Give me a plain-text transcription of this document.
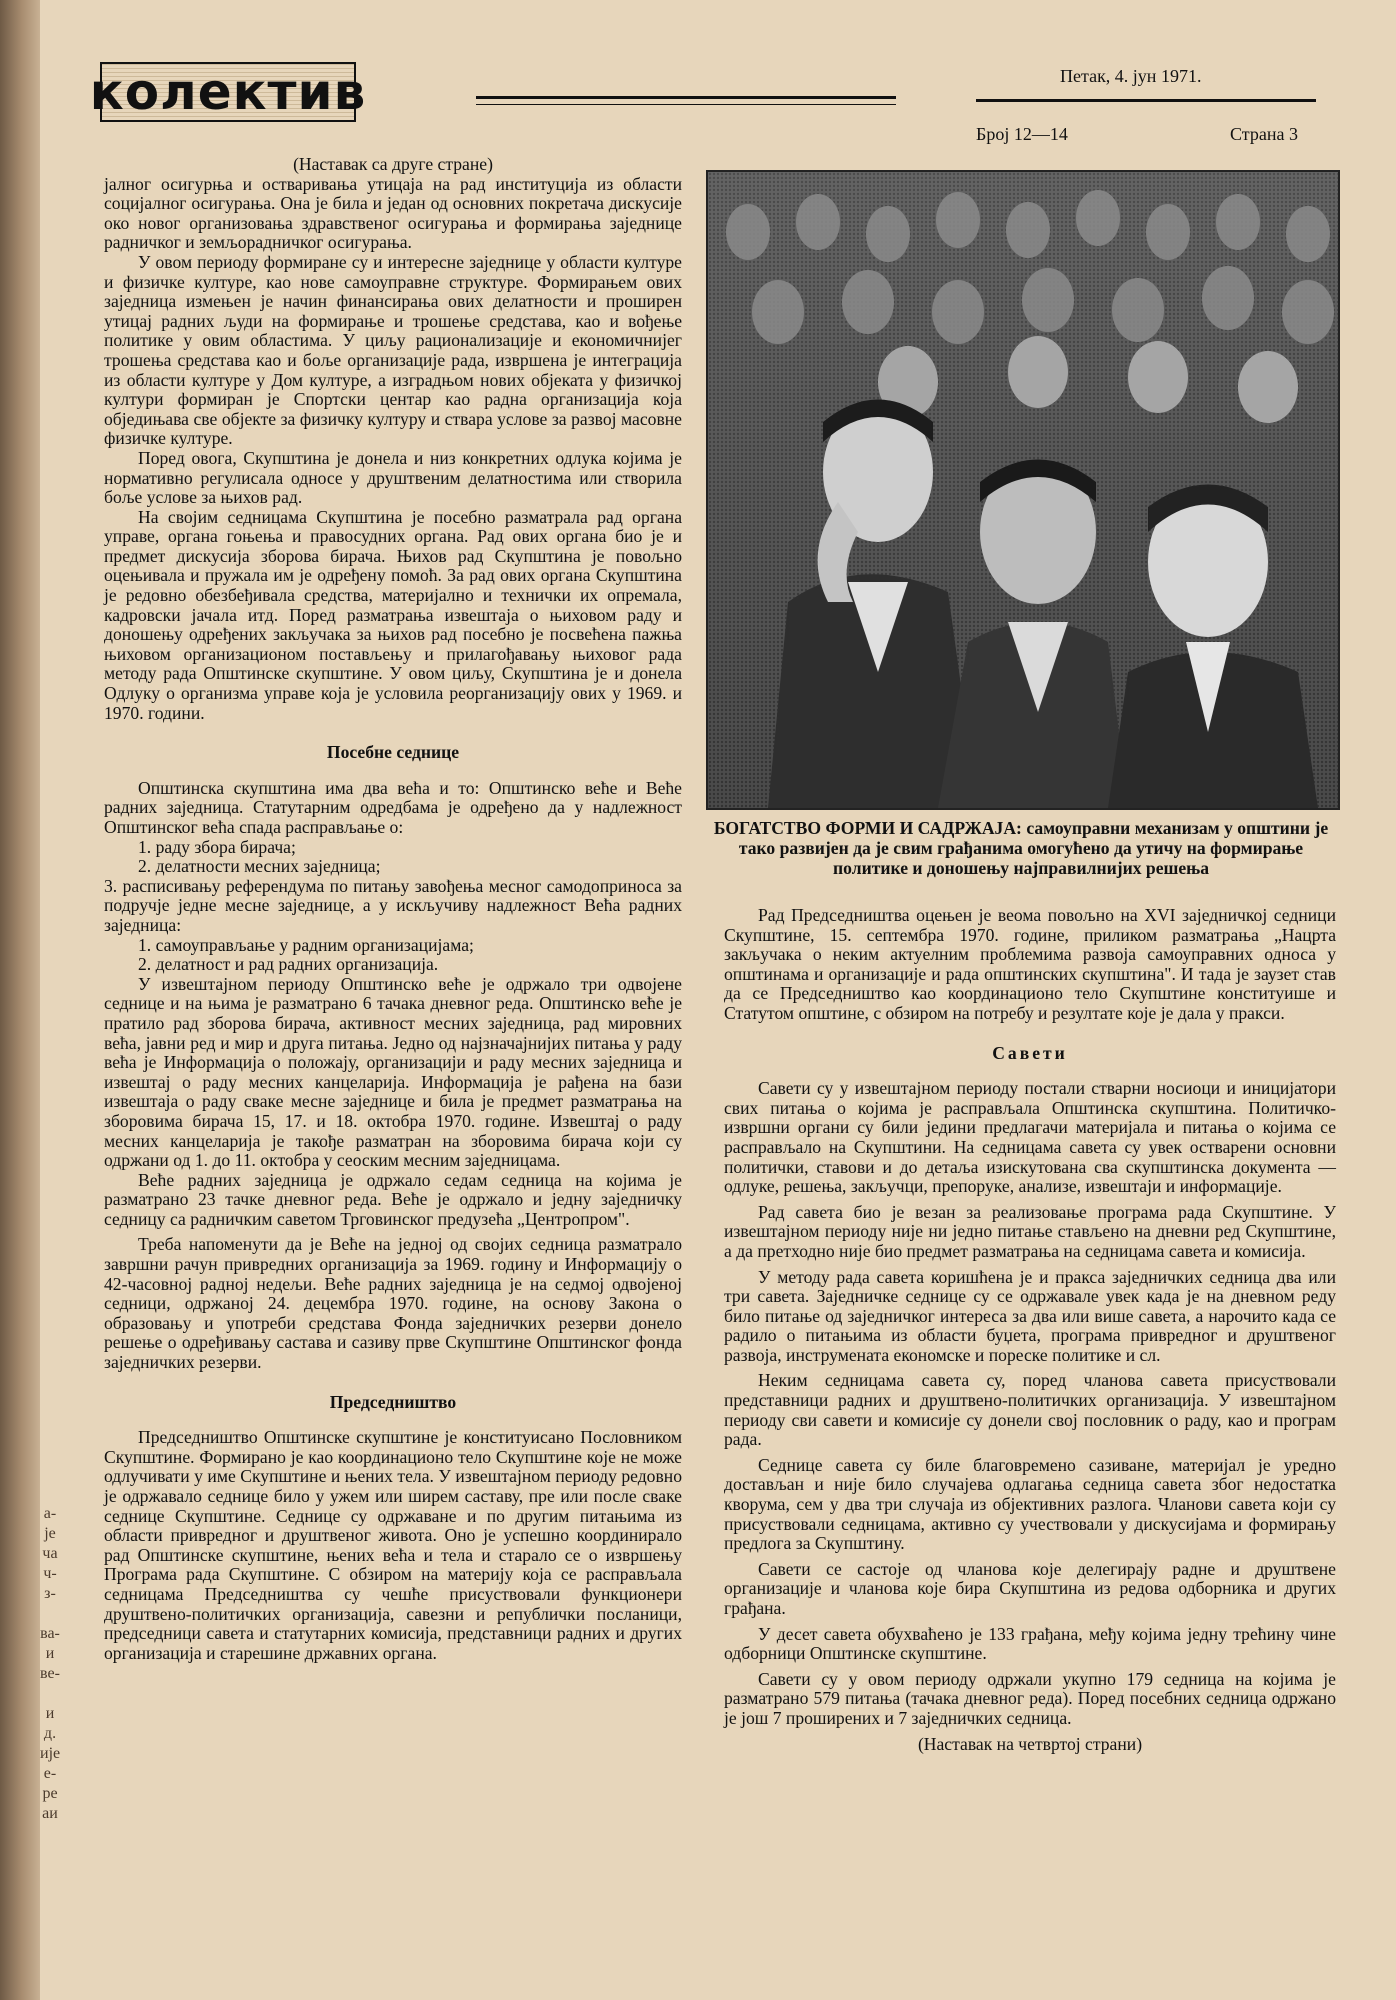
а-
је
ча
ч-
з-
ва-
и
ве-
и
д.
ије
е-
ре
аи
колектив	Петак, 4. јун 1971.
Број 12—14	Страна 3

(Наставак са друге стране)

јалног осигурња и остваривања утицаја на рад институција из области социјалног осигурања. Она је била и један од основних покретача дискусије око новог организовања здравственог осигурања и формирања заједнице радничког и земљорадничког осигурања.

У овом периоду формиране су и интересне заједнице у области културе и физичке културе, као нове самоуправне структуре. Формирањем ових заједница измењен је начин финансирања ових делатности и проширен утицај радних људи на формирање и трошење средстава, као и вођење политике у овим областима. У циљу рационализације и економичнијег трошења средстава као и боље организације рада, извршена је интеграција из области културе у Дом културе, а изградњом нових објеката у физичкој култури формиран је Спортски центар као радна организација која обједињава све објекте за физичку културу и ствара услове за развој масовне физичке културе.

Поред овога, Скупштина је донела и низ конкретних одлука којима је нормативно регулисала односе у друштвеним делатностима или створила боље услове за њихов рад.

На својим седницама Скупштина је посебно разматрала рад органа управе, органа гоњења и правосудних органа. Рад ових органа био је и предмет дискусија зборова бирача. Њихов рад Скупштина је повољно оцењивала и пружала им је одређену помоћ. За рад ових органа Скупштина је редовно обезбеђивала средства, материјално и технички их опремала, кадровски јачала итд. Поред разматрања извештаја о њиховом раду и доношењу одређених закључака за њихов рад посебно је посвећена пажња њиховом организационом постављењу и прилагођавању њиховог рада методу рада Општинске скупштине. У овом циљу, Скупштина је и донела Одлуку о организма управе која је условила реорганизацију ових у 1969. и 1970. години.

Посебне седнице

Општинска скупштина има два већа и то: Општинско веће и Веће радних заједница. Статутарним одредбама је одређено да у надлежност Општинског већа спада расправљање о:

1. раду збора бирача;

2. делатности месних заједница;

3. расписивању референдума по питању завођења месног самодоприноса за подручје једне месне заједнице, а у искључиву надлежност Већа радних заједница:

1. самоуправљање у радним организацијама;

2. делатност и рад радних организација.

У извештајном периоду Општинско веће је одржало три одвојене седнице и на њима је разматрано 6 тачака дневног реда. Општинско веће је пратило рад зборова бирача, активност месних заједница, рад мировних већа, јавни ред и мир и друга питања. Једно од најзначајнијих питања у раду већа је Информација о положају, организацији и раду месних заједница и извештај о раду месних канцеларија. Информација је рађена на бази извештаја о раду сваке месне заједнице и била је предмет разматрања на зборовима бирача 15, 17. и 18. октобра 1970. године. Извештај о раду месних канцеларија је такође разматран на зборовима бирача који су одржани од 1. до 11. октобра у сеоским месним заједницама.

Веће радних заједница је одржало седам седница на којима је разматрано 23 тачке дневног реда. Веће је одржало и једну заједничку седницу са радничким саветом Трговинског предузећа „Центропром".

Треба напоменути да је Веће на једној од својих седница разматрало завршни рачун привредних организација за 1969. годину и Информацију о 42-часовној радној недељи. Веће радних заједница је на седмој одвојеној седници, одржаној 24. децембра 1970. године, на основу Закона о образовању и употреби средстава Фонда заједничких резерви донело решење о одређивању састава и сазиву прве Скупштине Општинског фонда заједничких резерви.

Председништво

Председништво Општинске скупштине је конституисано Пословником Скупштине. Формирано је као координационо тело Скупштине које не може одлучивати у име Скупштине и њених тела. У извештајном периоду редовно је одржавало седнице било у ужем или ширем саставу, пре или после сваке седнице Скупштине. Седнице су одржаване и по другим питањима из области привредног и друштвеног живота. Оно је успешно координирало рад Општинске скупштине, њених већа и тела и старало се о извршењу Програма рада Скупштине. С обзиром на материју која се расправљала седницама Председништва су чешће присуствовали функционери друштвено-политичких организација, савезни и републички посланици, председници савета и статутарних комисија, представници радних и других организација и старешине државних органа.

БОГАТСТВО ФОРМИ И САДРЖАЈА: самоуправни механизам у општини је тако развијен да је свим грађанима омогућено да утичу на формирање политике и доношењу најправилнијих решења

Рад Председништва оцењен је веома повољно на XVI заједничкој седници Скупштине, 15. септембра 1970. године, приликом разматрања „Нацрта закључака о неким актуелним проблемима развоја самоуправних односа у општинама и организације и рада општинских скупштина". И тада је заузет став да се Председништво као координационо тело Скупштине конституише и Статутом општине, с обзиром на потребу и резултате које је дала у пракси.

Савети

Савети су у извештајном периоду постали стварни носиоци и иницијатори свих питања о којима је расправљала Општинска скупштина. Политичко-извршни органи су били једини предлагачи материјала и питања о којима се расправљало на Скупштини. На седницама савета су увек остварени основни политички, ставови и до детаља изискутована сва скупштинска документа — одлуке, решења, закључци, препоруке, анализе, извештаји и информације.

Рад савета био је везан за реализовање програма рада Скупштине. У извештајном периоду није ни једно питање стављено на дневни ред Скупштине, а да претходно није био предмет разматрања на седницама савета и комисија.

У методу рада савета коришћена је и пракса заједничких седница два или три савета. Заједничке седнице су се одржавале увек када је на дневном реду било питање од заједничког интереса за два или више савета, а нарочито када се радило о питањима из области буџета, програма привредног и друштвеног развоја, инструмената економске и пореске политике и сл.

Неким седницама савета су, поред чланова савета присуствовали представници радних и друштвено-политичких организација. У извештајном периоду сви савети и комисије су донели свој пословник о раду, као и програм рада.

Седнице савета су биле благовремено сазиване, материјал је уредно достављан и није било случајева одлагања седница савета због недостатка кворума, сем у два три случаја из објективних разлога. Чланови савета који су присуствовали седницама, активно су учествовали у дискусијама и формирању предлога за Скупштину.

Савети се састоје од чланова које делегирају радне и друштвене организације и чланова које бира Скупштина из редова одборника и других грађана.

У десет савета обухваћено је 133 грађана, међу којима једну трећину чине одборници Општинске скупштине.

Савети су у овом периоду одржали укупно 179 седница на којима је разматрано 579 питања (тачака дневног реда). Поред посебних седница одржано је још 7 проширених и 7 заједничких седница.

(Наставак на четвртој страни)
